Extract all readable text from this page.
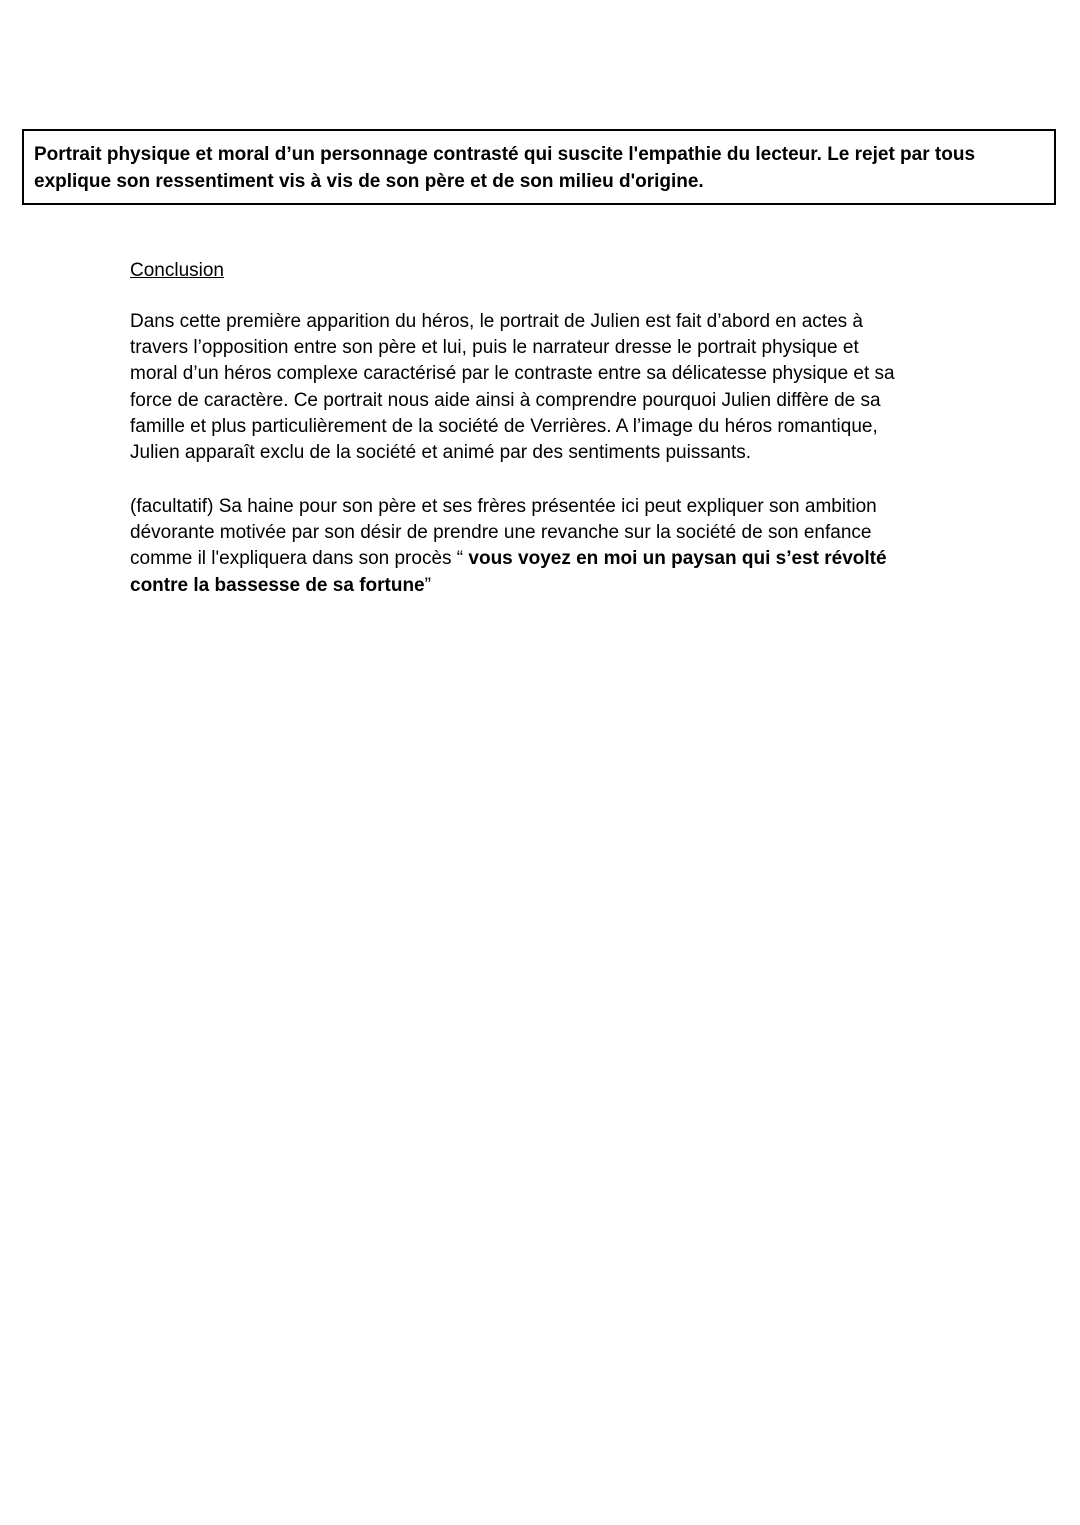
Portrait physique et moral d’un personnage contrasté qui suscite l'empathie du lecteur. Le rejet par tous
explique son ressentiment vis à vis de son père et de son milieu d'origine.
Conclusion
Dans cette première apparition du héros, le portrait de Julien est fait d’abord en actes à
travers l’opposition entre son père et lui, puis le narrateur dresse le portrait physique et
moral d’un héros complexe caractérisé par le contraste entre sa délicatesse physique et sa
force de caractère. Ce portrait nous aide ainsi à comprendre pourquoi Julien diffère de sa
famille et plus particulièrement de la société de Verrières. A l’image du héros romantique,
Julien apparaît exclu de la société et animé par des sentiments puissants.
(facultatif) Sa haine pour son père et ses frères présentée ici peut expliquer son ambition
dévorante motivée par son désir de prendre une revanche sur la société de son enfance
comme il l'expliquera dans son procès “ vous voyez en moi un paysan qui s’est révolté
contre la bassesse de sa fortune”
